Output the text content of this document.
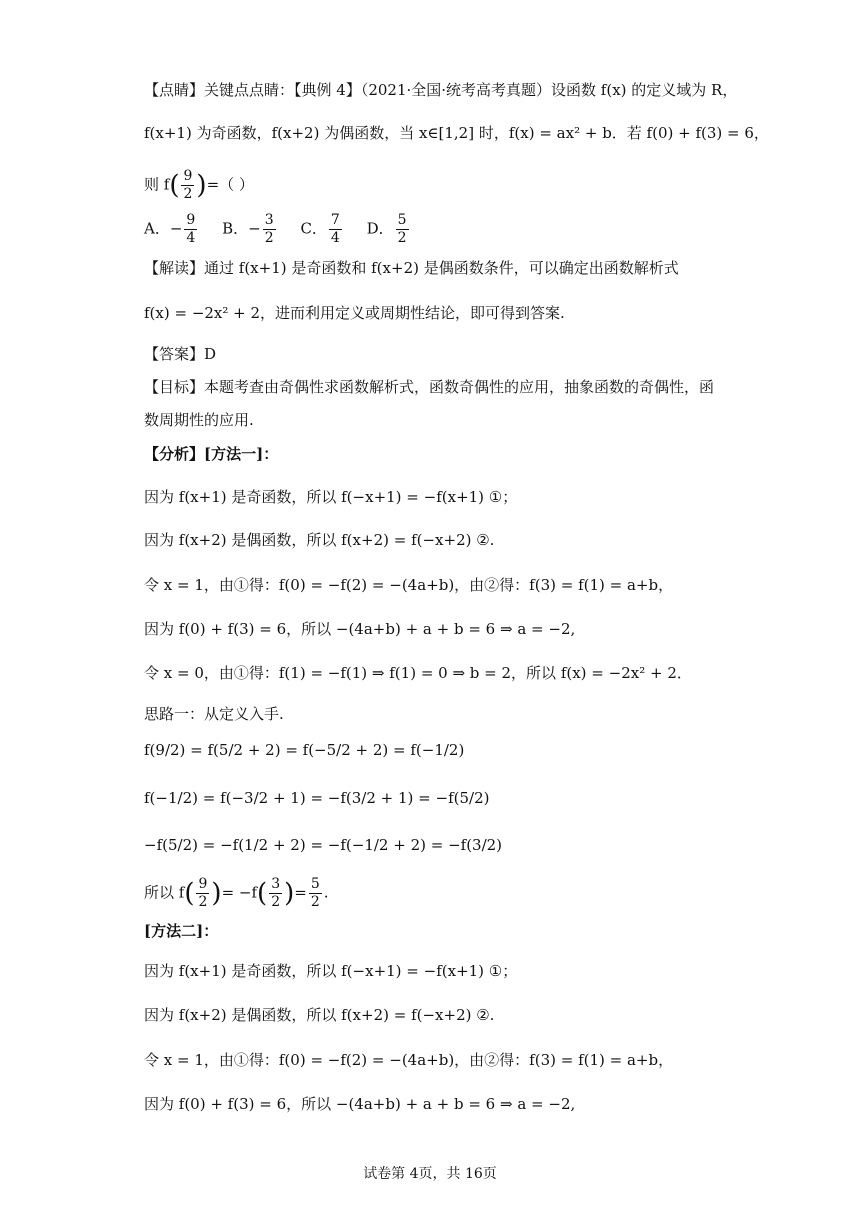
【点睛】关键点点睛：【典例 4】（2021·全国·统考高考真题）设函数 f(x) 的定义域为 R，
f(x+1) 为奇函数，f(x+2) 为偶函数，当 x∈[1,2] 时，f(x) = ax² + b．若 f(0) + f(3) = 6，
则 $f( \frac{9}{2}$ )=（ ）
A．− $\frac{9}{4}$ B．− $\frac{3}{2}$ C． $\frac{7}{4}$ D． $\frac{5}{2}$
【解读】通过 f(x+1) 是奇函数和 f(x+2) 是偶函数条件，可以确定出函数解析式
f(x) = −2x² + 2，进而利用定义或周期性结论，即可得到答案.
【答案】D
【目标】本题考查由奇偶性求函数解析式，函数奇偶性的应用，抽象函数的奇偶性，函
数周期性的应用.
【分析】[方法一]：
因为 f(x+1) 是奇函数，所以 f(−x+1) = −f(x+1) ①；
因为 f(x+2) 是偶函数，所以 f(x+2) = f(−x+2) ②.
令 x = 1，由①得：f(0) = −f(2) = −(4a+b)，由②得：f(3) = f(1) = a+b，
因为 f(0) + f(3) = 6，所以 −(4a+b) + a + b = 6 ⇒ a = −2,
令 x = 0，由①得：f(1) = −f(1) ⇒ f(1) = 0 ⇒ b = 2，所以 f(x) = −2x² + 2．
思路一：从定义入手.
f(9/2) = f(5/2 + 2) = f(−5/2 + 2) = f(−1/2)
f(−1/2) = f(−3/2 + 1) = −f(3/2 + 1) = −f(5/2)
−f(5/2) = −f(1/2 + 2) = −f(−1/2 + 2) = −f(3/2)
所以 $f( \frac{9}{2}$ )= $-f( \frac{3}{2}$ )= $\frac{5}{2}$ .
[方法二]：
因为 f(x+1) 是奇函数，所以 f(−x+1) = −f(x+1) ①；
因为 f(x+2) 是偶函数，所以 f(x+2) = f(−x+2) ②.
令 x = 1，由①得：f(0) = −f(2) = −(4a+b)，由②得：f(3) = f(1) = a+b，
因为 f(0) + f(3) = 6，所以 −(4a+b) + a + b = 6 ⇒ a = −2,
试卷第 4页，共 16页
